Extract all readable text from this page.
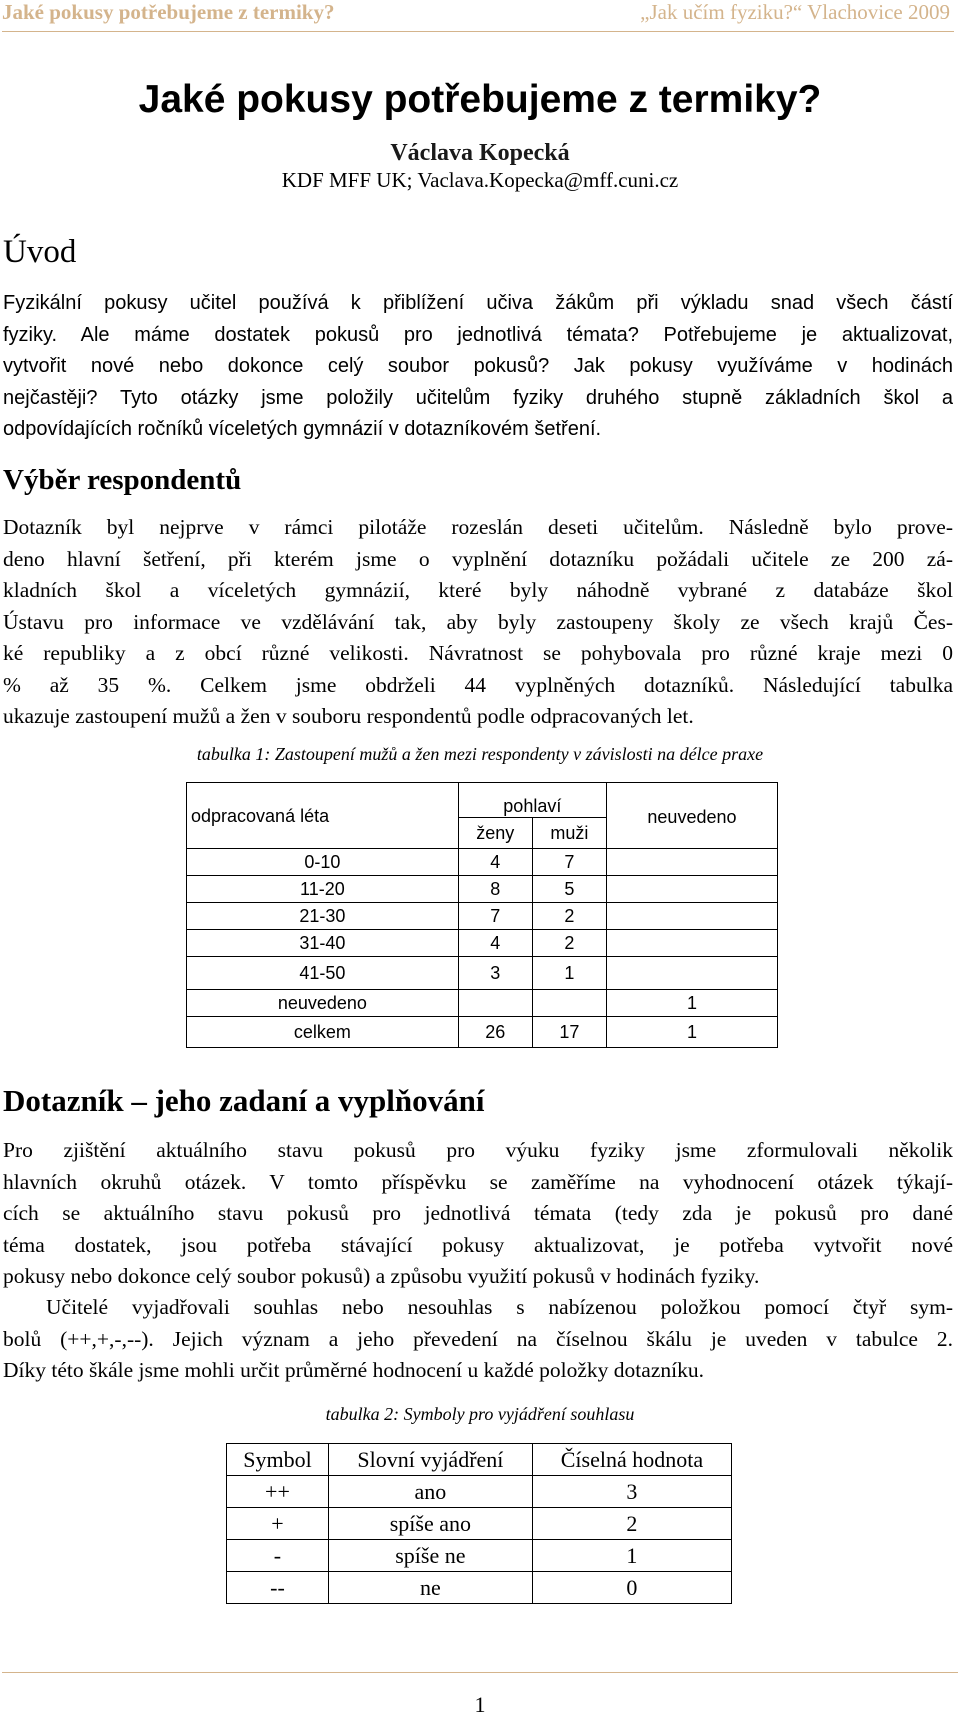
Jaké pokusy potřebujeme z termiky?	„Jak učím fyziku?“ Vlachovice 2009
Jaké pokusy potřebujeme z termiky?
Václava Kopecká
KDF MFF UK; Vaclava.Kopecka@mff.cuni.cz
Úvod
Fyzikální pokusy učitel používá k přiblížení učiva žákům při výkladu snad všech částí
fyziky. Ale máme dostatek pokusů pro jednotlivá témata? Potřebujeme je aktualizovat,
vytvořit nové nebo dokonce celý soubor pokusů? Jak pokusy využíváme v hodinách
nejčastěji? Tyto otázky jsme položily učitelům fyziky druhého stupně základních škol a
odpovídajících ročníků víceletých gymnázií v dotazníkovém šetření.
Výběr respondentů
Dotazník byl nejprve v rámci pilotáže rozeslán deseti učitelům. Následně bylo prove-
deno hlavní šetření, při kterém jsme o vyplnění dotazníku požádali učitele ze 200 zá-
kladních škol a víceletých gymnázií, které byly náhodně vybrané z databáze škol
Ústavu pro informace ve vzdělávání tak, aby byly zastoupeny školy ze všech krajů Čes-
ké republiky a z obcí různé velikosti. Návratnost se pohybovala pro různé kraje mezi 0
% až 35 %. Celkem jsme obdrželi 44 vyplněných dotazníků. Následující tabulka
ukazuje zastoupení mužů a žen v souboru respondentů podle odpracovaných let.
tabulka 1: Zastoupení mužů a žen mezi respondenty v závislosti na délce praxe
odpracovaná léta	pohlaví		neuvedeno
	ženy	muži	
0-10	4	7	
11-20	8	5	
21-30	7	2	
31-40	4	2	
41-50	3	1	
neuvedeno			1
celkem	26	17	1
Dotazník – jeho zadaní a vyplňování
Pro zjištění aktuálního stavu pokusů pro výuku fyziky jsme zformulovali několik
hlavních okruhů otázek. V tomto příspěvku se zaměříme na vyhodnocení otázek týkají-
cích se aktuálního stavu pokusů pro jednotlivá témata (tedy zda je pokusů pro dané
téma dostatek, jsou potřeba stávající pokusy aktualizovat, je potřeba vytvořit nové
pokusy nebo dokonce celý soubor pokusů) a způsobu využití pokusů v hodinách fyziky.
Učitelé vyjadřovali souhlas nebo nesouhlas s nabízenou položkou pomocí čtyř sym-
bolů (++,+,-,--). Jejich význam a jeho převedení na číselnou škálu je uveden v tabulce 2.
Díky této škále jsme mohli určit průměrné hodnocení u každé položky dotazníku.
tabulka 2: Symboly pro vyjádření souhlasu
Symbol	Slovní vyjádření	Číselná hodnota
++	ano	3
+	spíše ano	2
-	spíše ne	1
--	ne	0
1
